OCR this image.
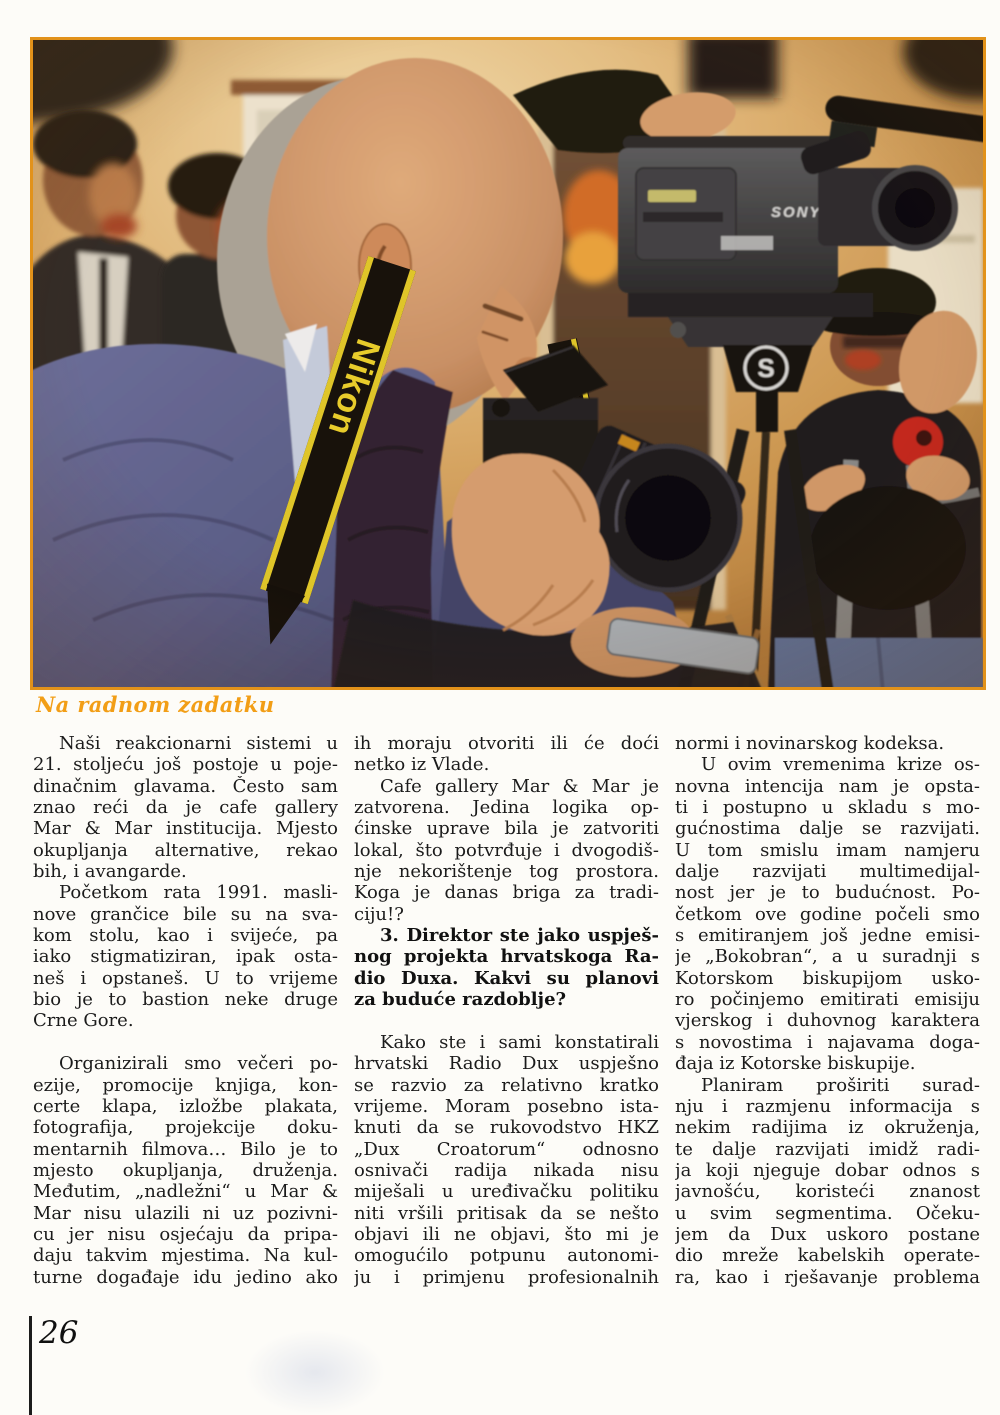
Na radnom zadatku
Naši reakcionarni sistemi u
21. stoljeću još postoje u poje-
dinačnim glavama. Često sam
znao reći da je cafe gallery
Mar & Mar institucija. Mjesto
okupljanja alternative, rekao
bih, i avangarde.
Početkom rata 1991. masli-
nove grančice bile su na sva-
kom stolu, kao i svijeće, pa
iako stigmatiziran, ipak osta-
neš i opstaneš. U to vrijeme
bio je to bastion neke druge
Crne Gore.
Organizirali smo večeri po-
ezije, promocije knjiga, kon-
certe klapa, izložbe plakata,
fotografija, projekcije doku-
mentarnih filmova… Bilo je to
mjesto okupljanja, druženja.
Međutim, „nadležni“ u Mar &
Mar nisu ulazili ni uz pozivni-
cu jer nisu osjećaju da pripa-
daju takvim mjestima. Na kul-
turne događaje idu jedino ako
ih moraju otvoriti ili će doći
netko iz Vlade.
Cafe gallery Mar & Mar je
zatvorena. Jedina logika op-
ćinske uprave bila je zatvoriti
lokal, što potvrđuje i dvogodiš-
nje nekorištenje tog prostora.
Koga je danas briga za tradi-
ciju!?
3. Direktor ste jako uspješ-
nog projekta hrvatskoga Ra-
dio Duxa. Kakvi su planovi
za buduće razdoblje?
Kako ste i sami konstatirali
hrvatski Radio Dux uspješno
se razvio za relativno kratko
vrijeme. Moram posebno ista-
knuti da se rukovodstvo HKZ
„Dux Croatorum“ odnosno
osnivači radija nikada nisu
miješali u uređivačku politiku
niti vršili pritisak da se nešto
objavi ili ne objavi, što mi je
omogućilo potpunu autonomi-
ju i primjenu profesionalnih
normi i novinarskog kodeksa.
U ovim vremenima krize os-
novna intencija nam je opsta-
ti i postupno u skladu s mo-
gućnostima dalje se razvijati.
U tom smislu imam namjeru
dalje razvijati multimedijal-
nost jer je to budućnost. Po-
četkom ove godine počeli smo
s emitiranjem još jedne emisi-
je „Bokobran“, a u suradnji s
Kotorskom biskupijom usko-
ro počinjemo emitirati emisiju
vjerskog i duhovnog karaktera
s novostima i najavama doga-
đaja iz Kotorske biskupije.
Planiram proširiti surad-
nju i razmjenu informacija s
nekim radijima iz okruženja,
te dalje razvijati imidž radi-
ja koji njeguje dobar odnos s
javnošću, koristeći znanost
u svim segmentima. Očeku-
jem da Dux uskoro postane
dio mreže kabelskih operate-
ra, kao i rješavanje problema
26
